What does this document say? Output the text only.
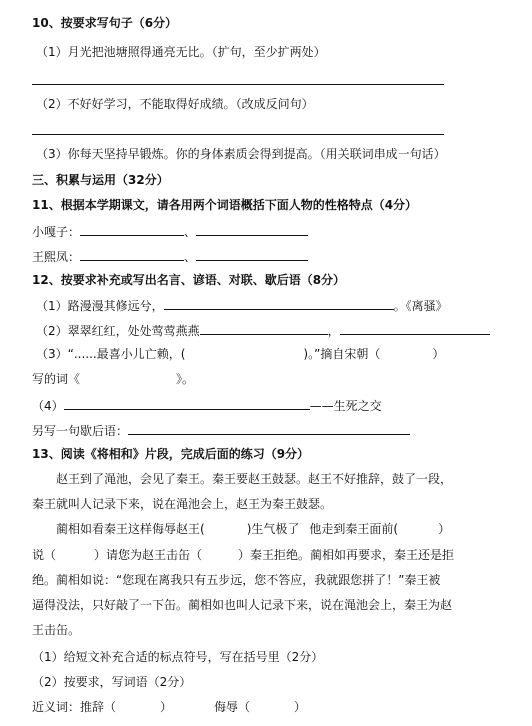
10、按要求写句子（6分）
（1）月光把池塘照得通亮无比。（扩句，至少扩两处）
（2）不好好学习，不能取得好成绩。（改成反问句）
（3）你每天坚持早锻炼。你的身体素质会得到提高。（用关联词串成一句话）
三、积累与运用（32分）
11、根据本学期课文，请各用两个词语概括下面人物的性格特点（4分）
小嘎子：	、
王熙凤：	、
12、按要求补充或写出名言、谚语、对联、歇后语（8分）
（1）路漫漫其修远兮，	。《离骚》
（2）翠翠红红，处处莺莺燕燕	，
（3）“......最喜小儿亡赖，(	)。”摘自宋朝（	）
写的词《	》。
（4）	——生死之交
另写一句歇后语：
13、阅读《将相和》片段，完成后面的练习（9分）
赵王到了渑池，会见了秦王。秦王要赵王鼓瑟。赵王不好推辞，鼓了一段，
秦王就叫人记录下来，说在渑池会上，赵王为秦王鼓瑟。
蔺相如看秦王这样侮辱赵王(	)生气极了 他走到秦王面前(	）
说（	）请您为赵王击缶（	）秦王拒绝。蔺相如再要求，秦王还是拒
绝。蔺相如说：“您现在离我只有五步远，您不答应，我就跟您拼了！”秦王被
逼得没法，只好敲了一下缶。蔺相如也叫人记录下来，说在渑池会上，秦王为赵
王击缶。
（1）给短文补充合适的标点符号，写在括号里（2分）
（2）按要求，写词语（2分）
近义词：推辞（	）	侮辱（	）
